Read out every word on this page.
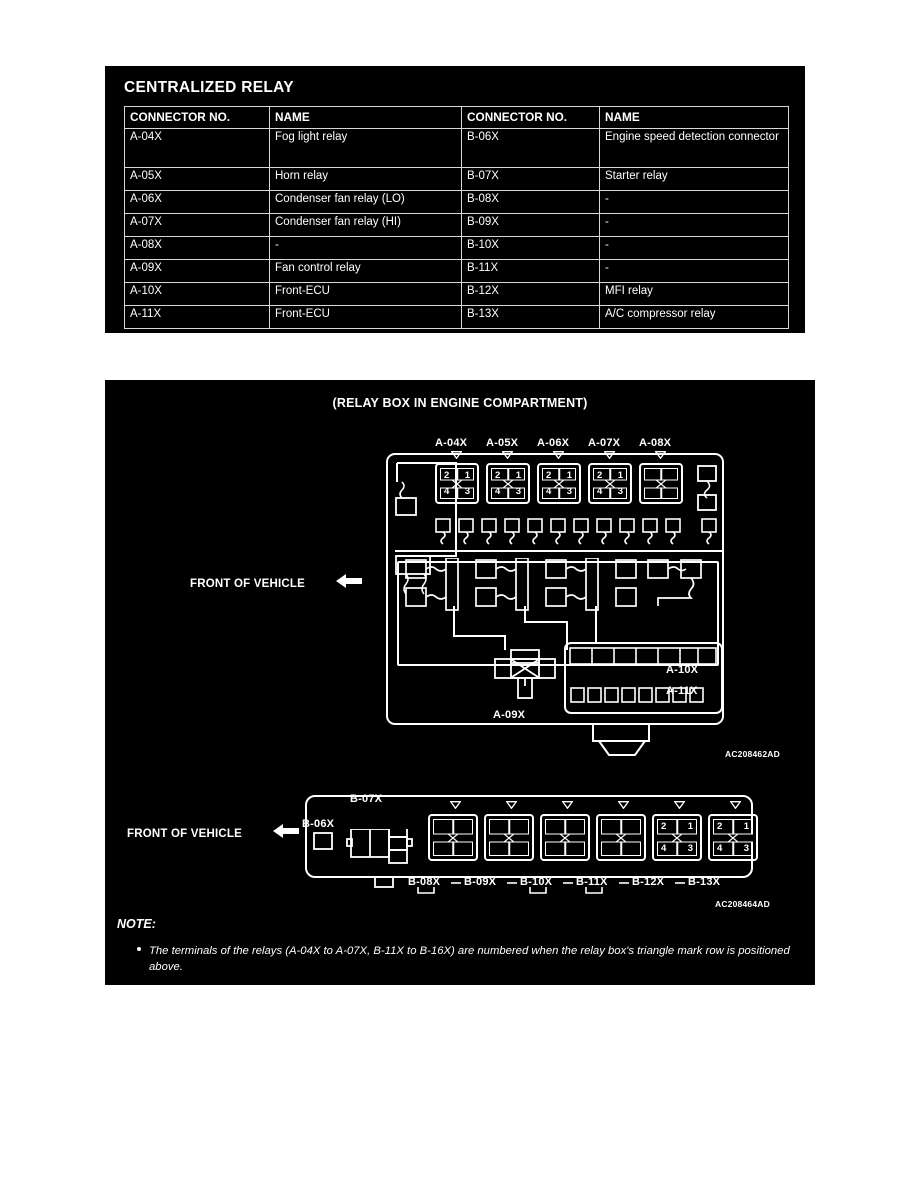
CENTRALIZED RELAY
CONNECTOR NO.	NAME	CONNECTOR NO.	NAME
A-04X	Fog light relay	B-06X	Engine speed detection connector
A-05X	Horn relay	B-07X	Starter relay
A-06X	Condenser fan relay (LO)	B-08X	-
A-07X	Condenser fan relay (HI)	B-09X	-
A-08X	-	B-10X	-
A-09X	Fan control relay	B-11X	-
A-10X	Front-ECU	B-12X	MFI relay
A-11X	Front-ECU	B-13X	A/C compressor relay
(RELAY BOX IN ENGINE COMPARTMENT)
FRONT OF VEHICLE
A-04X A-05X A-06X A-07X A-08X
2 1
4 3
2 1
4 3
2 1
4 3
2 1
4 3
A-09X
A-10X
A-11X
AC208462AD
FRONT OF VEHICLE
B-07X
B-06X	2 1
4 3
2 1
4 3
B-08X B-09X B-10X B-11X B-12X B-13X
AC208464AD
NOTE:
The terminals of the relays (A-04X to A-07X, B-11X to B-16X) are numbered when the relay box's triangle mark row is positioned above.
